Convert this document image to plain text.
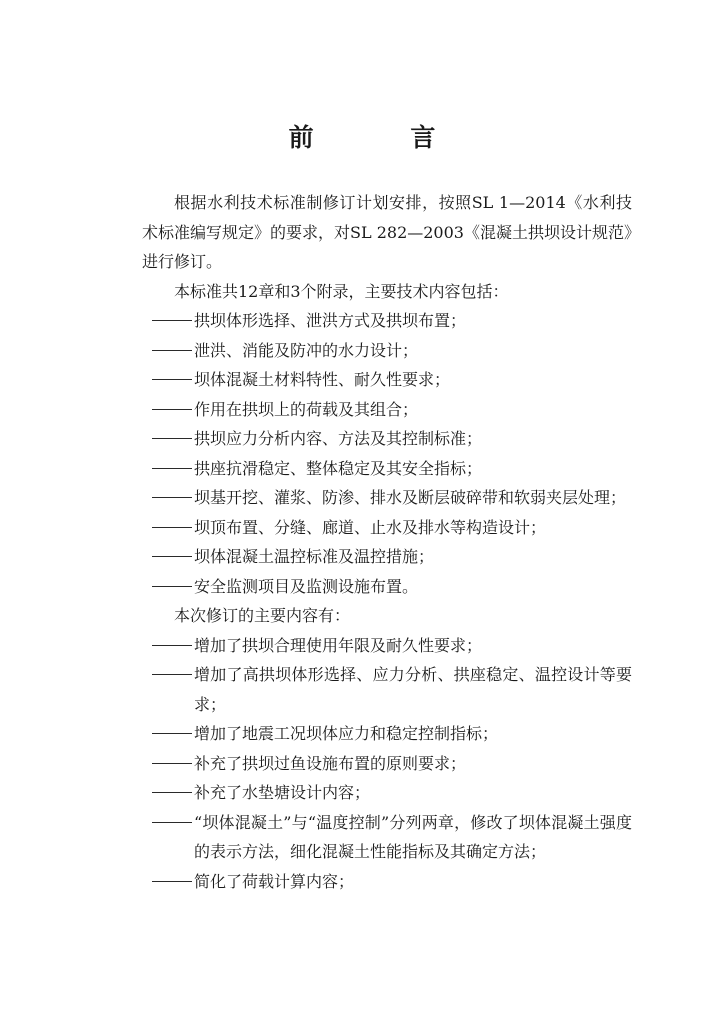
前 言

根据水利技术标准制修订计划安排，按照SL 1—2014《水利技术标准编写规定》的要求，对SL 282—2003《混凝土拱坝设计规范》进行修订。

本标准共12章和3个附录，主要技术内容包括：

拱坝体形选择、泄洪方式及拱坝布置；

泄洪、消能及防冲的水力设计；

坝体混凝土材料特性、耐久性要求；

作用在拱坝上的荷载及其组合；

拱坝应力分析内容、方法及其控制标准；

拱座抗滑稳定、整体稳定及其安全指标；

坝基开挖、灌浆、防渗、排水及断层破碎带和软弱夹层处理；

坝顶布置、分缝、廊道、止水及排水等构造设计；

坝体混凝土温控标准及温控措施；

安全监测项目及监测设施布置。

本次修订的主要内容有：

增加了拱坝合理使用年限及耐久性要求；

增加了高拱坝体形选择、应力分析、拱座稳定、温控设计等要求；

增加了地震工况坝体应力和稳定控制指标；

补充了拱坝过鱼设施布置的原则要求；

补充了水垫塘设计内容；

“坝体混凝土”与“温度控制”分列两章，修改了坝体混凝土强度的表示方法，细化混凝土性能指标及其确定方法；

简化了荷载计算内容；
